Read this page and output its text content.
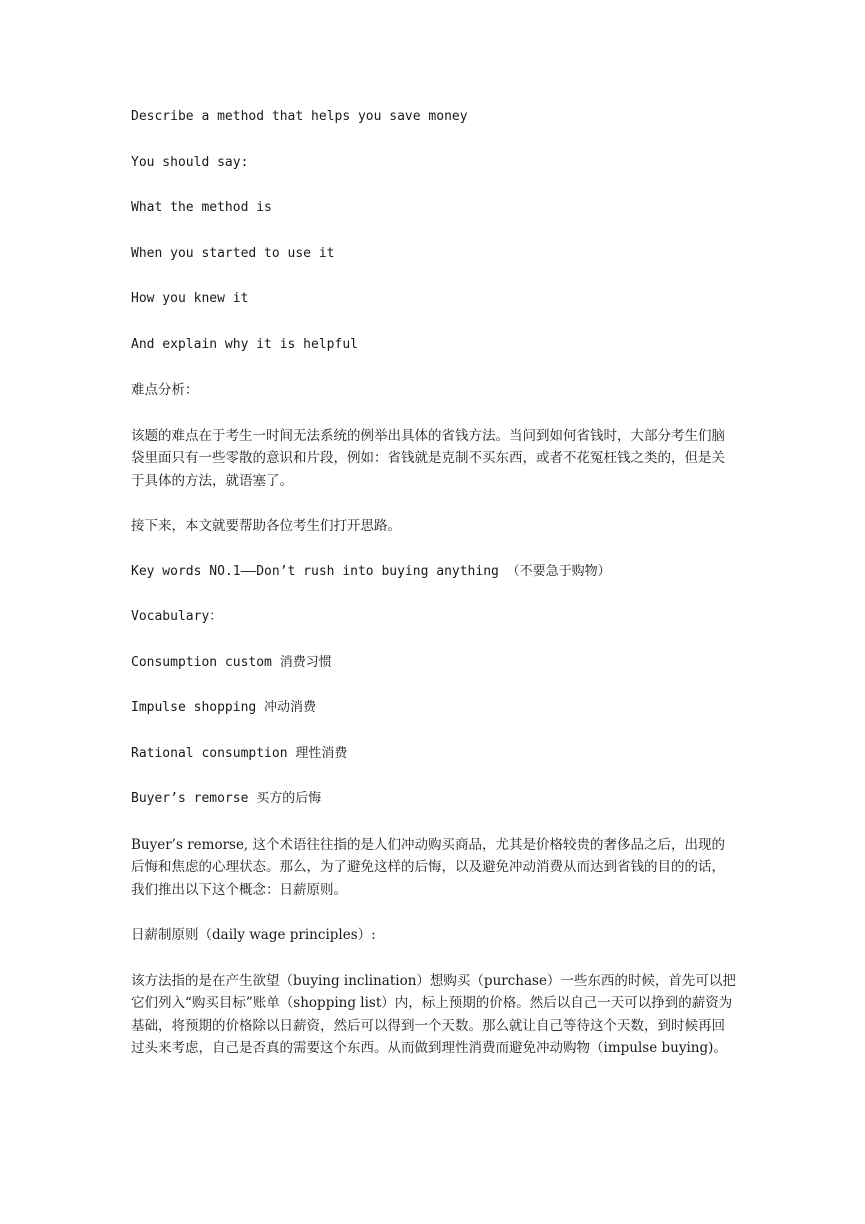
Describe a method that helps you save money

You should say:

What the method is

When you started to use it

How you knew it

And explain why it is helpful

难点分析：

该题的难点在于考生一时间无法系统的例举出具体的省钱方法。当问到如何省钱时，大部分考生们脑袋里面只有一些零散的意识和片段，例如：省钱就是克制不买东西，或者不花冤枉钱之类的，但是关于具体的方法，就语塞了。

接下来，本文就要帮助各位考生们打开思路。

Key words NO.1——Don’t rush into buying anything （不要急于购物）

Vocabulary：

Consumption custom 消费习惯

Impulse shopping 冲动消费

Rational consumption 理性消费

Buyer’s remorse 买方的后悔

Buyer’s remorse, 这个术语往往指的是人们冲动购买商品，尤其是价格较贵的奢侈品之后，出现的后悔和焦虑的心理状态。那么，为了避免这样的后悔，以及避免冲动消费从而达到省钱的目的的话，我们推出以下这个概念：日薪原则。

日薪制原则（daily wage principles）:

该方法指的是在产生欲望（buying inclination）想购买（purchase）一些东西的时候，首先可以把它们列入“购买目标”账单（shopping list）内，标上预期的价格。然后以自己一天可以挣到的薪资为基础，将预期的价格除以日薪资，然后可以得到一个天数。那么就让自己等待这个天数，到时候再回过头来考虑，自己是否真的需要这个东西。从而做到理性消费而避免冲动购物（impulse buying)。
